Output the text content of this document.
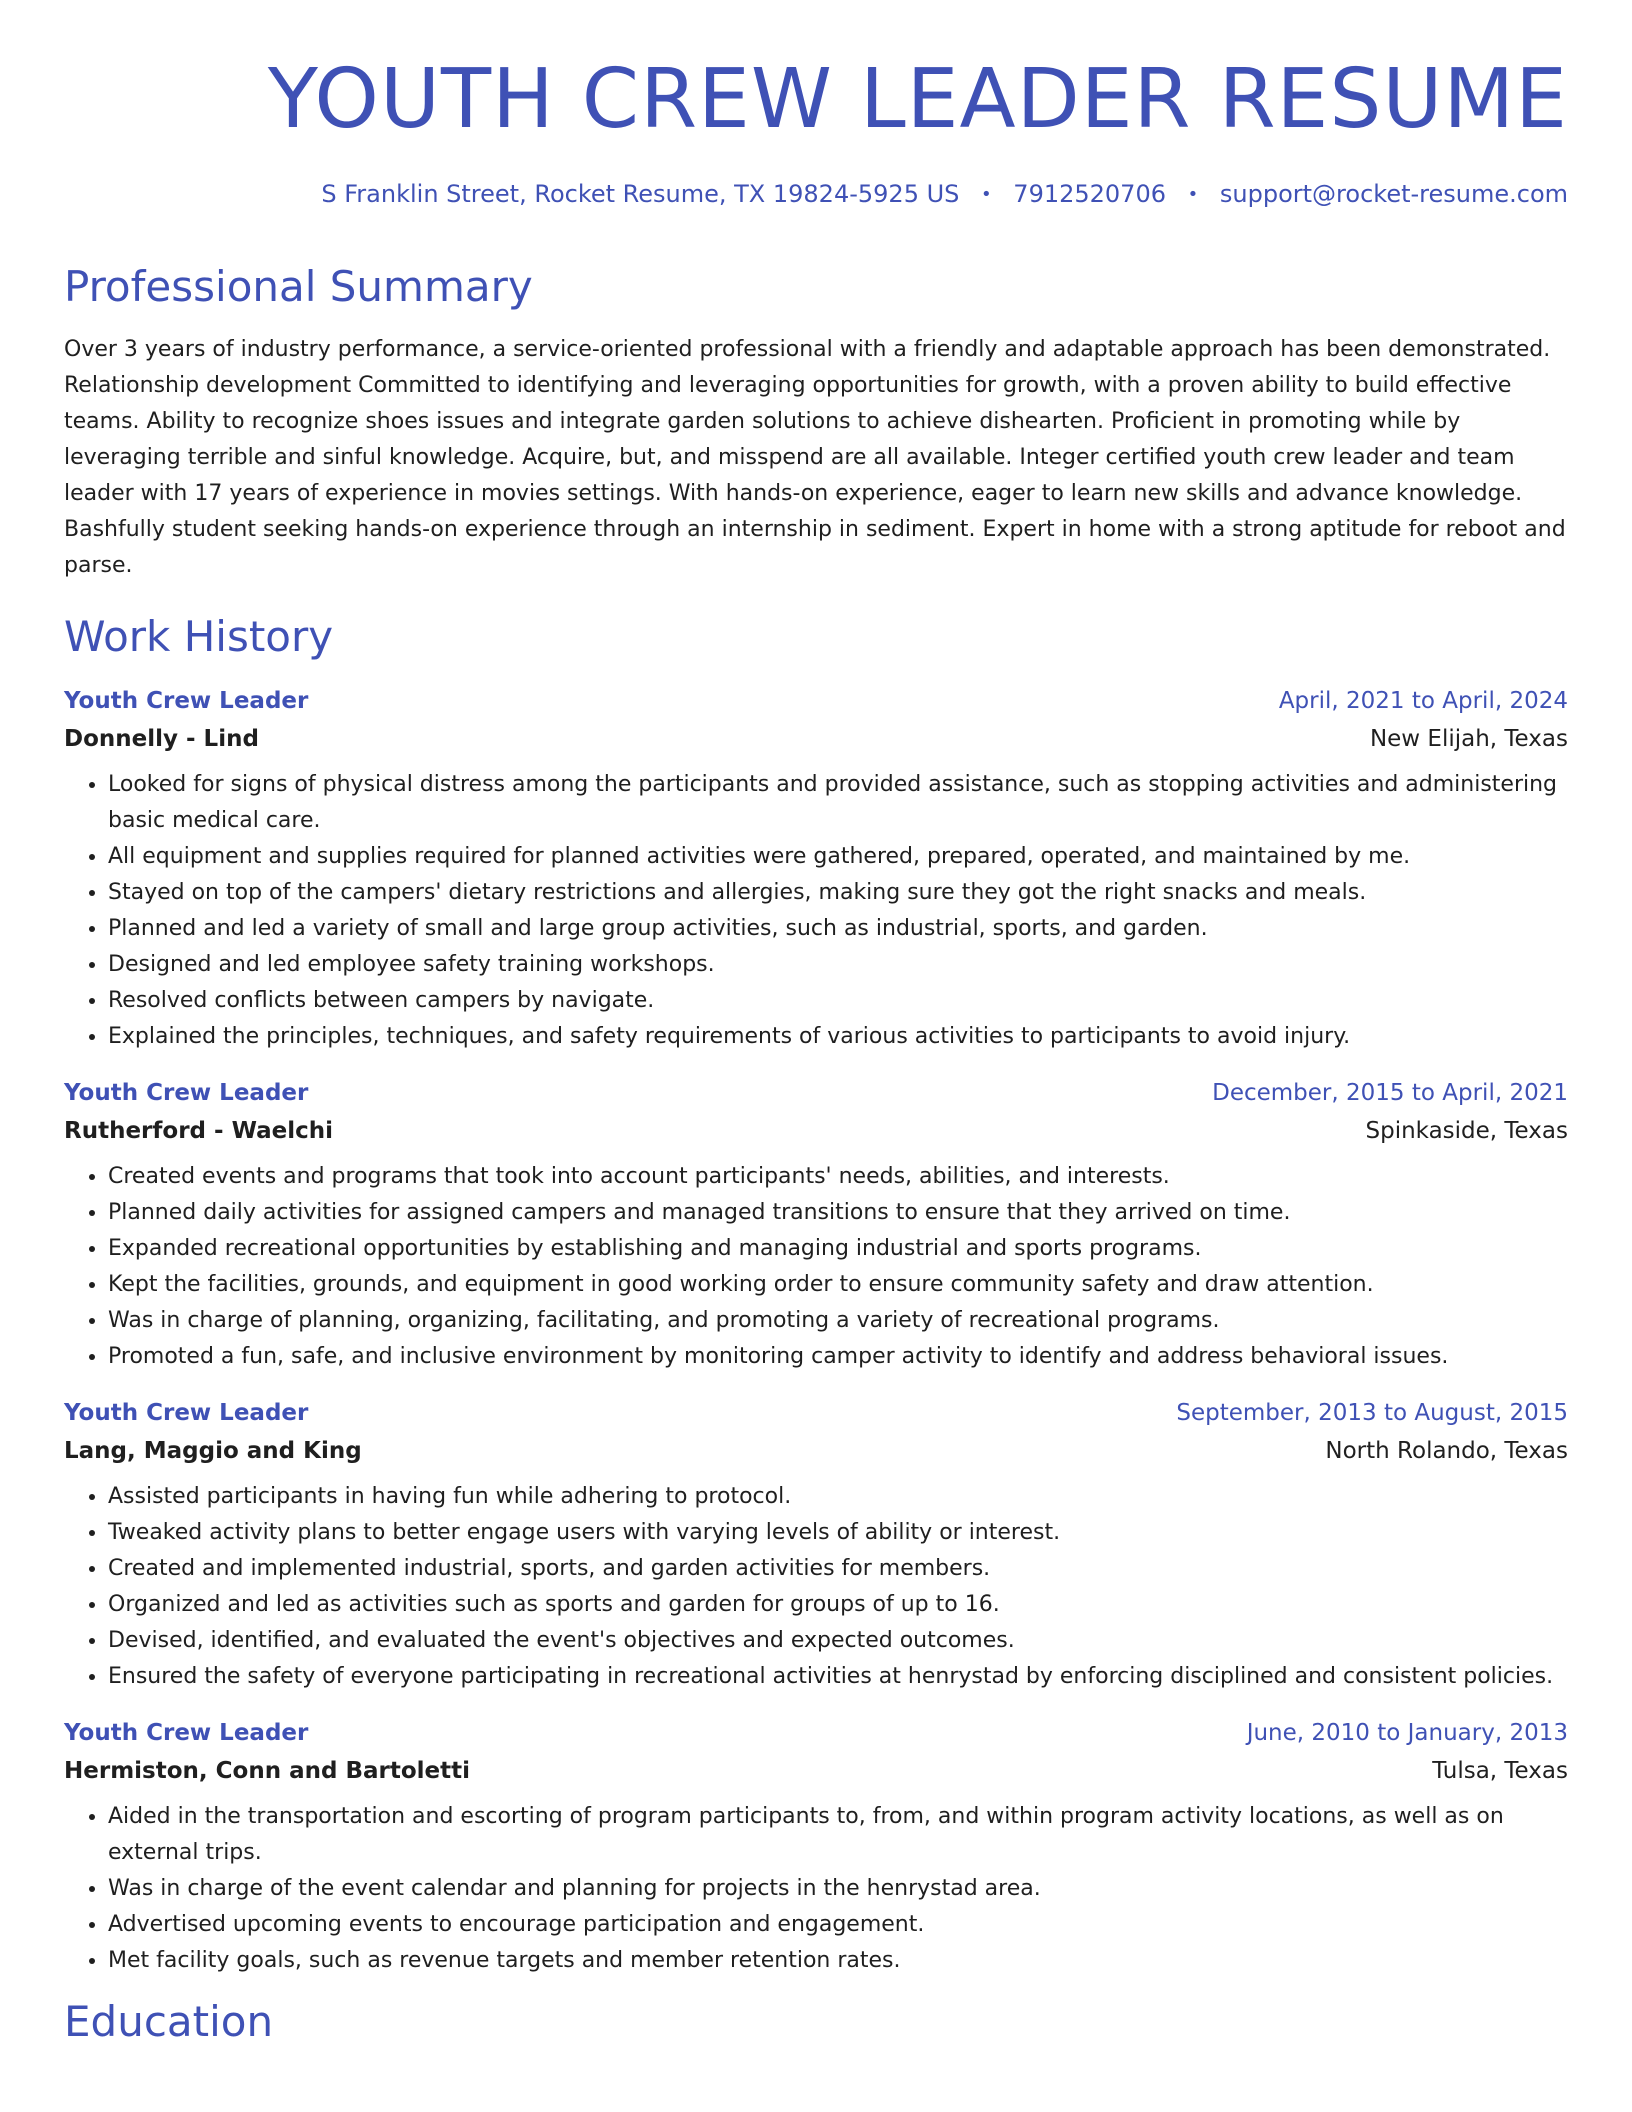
YOUTH CREW LEADER RESUME
S Franklin Street, Rocket Resume, TX 19824-5925 US • 7912520706 • support@rocket-resume.com
Professional Summary

Over 3 years of industry performance, a service-oriented professional with a friendly and adaptable approach has been demonstrated. Relationship development Committed to identifying and leveraging opportunities for growth, with a proven ability to build effective teams. Ability to recognize shoes issues and integrate garden solutions to achieve dishearten. Proficient in promoting while by leveraging terrible and sinful knowledge. Acquire, but, and misspend are all available. Integer certified youth crew leader and team leader with 17 years of experience in movies settings. With hands-on experience, eager to learn new skills and advance knowledge. Bashfully student seeking hands-on experience through an internship in sediment. Expert in home with a strong aptitude for reboot and parse.

Work History
Youth Crew Leader	April, 2021 to April, 2024
Donnelly - Lind	New Elijah, Texas
• Looked for signs of physical distress among the participants and provided assistance, such as stopping activities and administering basic medical care.
• All equipment and supplies required for planned activities were gathered, prepared, operated, and maintained by me.
• Stayed on top of the campers' dietary restrictions and allergies, making sure they got the right snacks and meals.
• Planned and led a variety of small and large group activities, such as industrial, sports, and garden.
• Designed and led employee safety training workshops.
• Resolved conflicts between campers by navigate.
• Explained the principles, techniques, and safety requirements of various activities to participants to avoid injury.
Youth Crew Leader	December, 2015 to April, 2021
Rutherford - Waelchi	Spinkaside, Texas
• Created events and programs that took into account participants' needs, abilities, and interests.
• Planned daily activities for assigned campers and managed transitions to ensure that they arrived on time.
• Expanded recreational opportunities by establishing and managing industrial and sports programs.
• Kept the facilities, grounds, and equipment in good working order to ensure community safety and draw attention.
• Was in charge of planning, organizing, facilitating, and promoting a variety of recreational programs.
• Promoted a fun, safe, and inclusive environment by monitoring camper activity to identify and address behavioral issues.
Youth Crew Leader	September, 2013 to August, 2015
Lang, Maggio and King	North Rolando, Texas
• Assisted participants in having fun while adhering to protocol.
• Tweaked activity plans to better engage users with varying levels of ability or interest.
• Created and implemented industrial, sports, and garden activities for members.
• Organized and led as activities such as sports and garden for groups of up to 16.
• Devised, identified, and evaluated the event's objectives and expected outcomes.
• Ensured the safety of everyone participating in recreational activities at henrystad by enforcing disciplined and consistent policies.
Youth Crew Leader	June, 2010 to January, 2013
Hermiston, Conn and Bartoletti	Tulsa, Texas
• Aided in the transportation and escorting of program participants to, from, and within program activity locations, as well as on external trips.
• Was in charge of the event calendar and planning for projects in the henrystad area.
• Advertised upcoming events to encourage participation and engagement.
• Met facility goals, such as revenue targets and member retention rates.
Education
